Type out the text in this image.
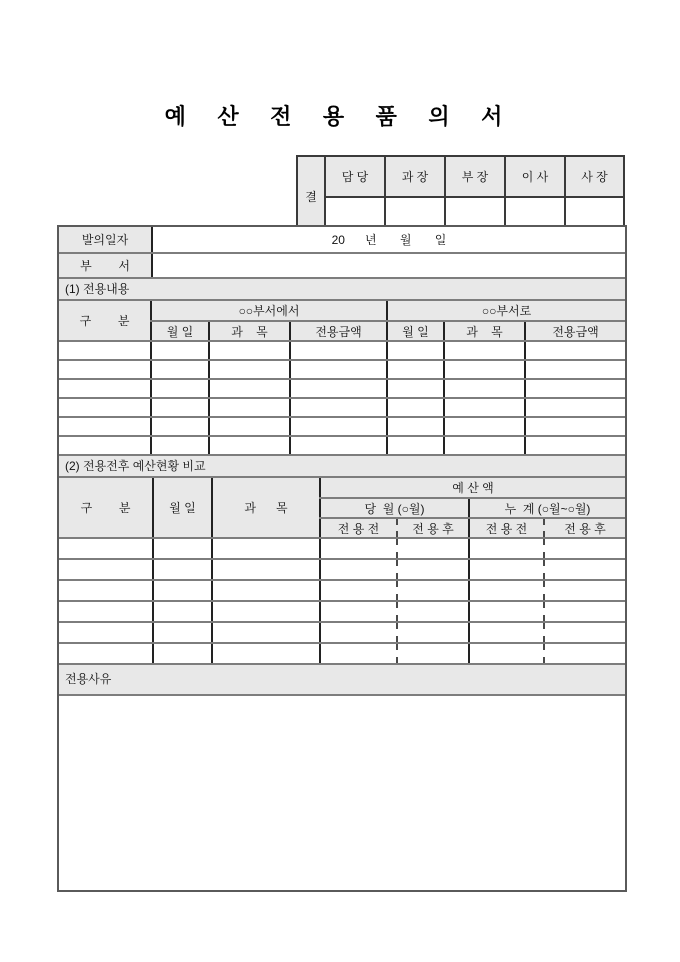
예 산 전 용 품 의 서

결	담 당	과 장	부 장	이 사	사 장

발의일자	20      년       월       일
부        서	
(1) 전용내용
구        분	○○부서에서			○○부서로		
	월 일	과    목	전용금액	월 일	과    목	전용금액

(2) 전용전후 예산현황 비교
구        분	월 일	과      목	예 산 액			
			당  월 (○월)		누  계 (○월~○월)	
			전 용 전	전 용 후	전 용 전	전 용 후

전용사유
